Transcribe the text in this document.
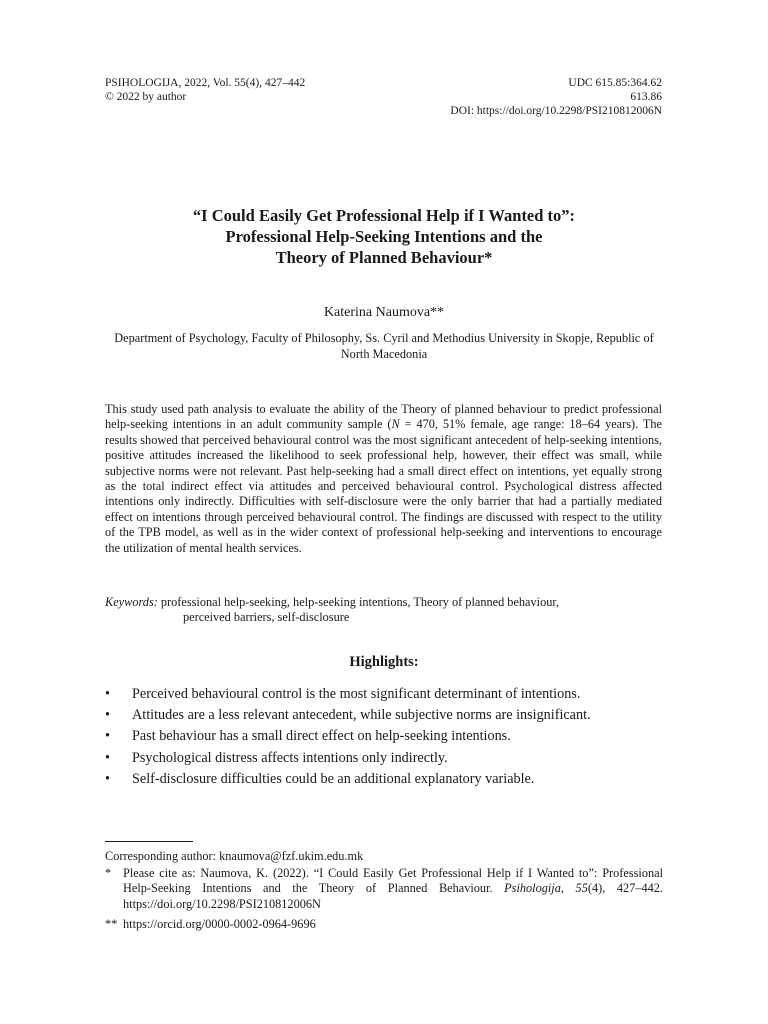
PSIHOLOGIJA, 2022, Vol. 55(4), 427–442
© 2022 by author
UDC 615.85:364.62
613.86
DOI: https://doi.org/10.2298/PSI210812006N
“I Could Easily Get Professional Help if I Wanted to”:
Professional Help-Seeking Intentions and the
Theory of Planned Behaviour*
Katerina Naumova**
Department of Psychology, Faculty of Philosophy, Ss. Cyril and Methodius University in Skopje, Republic of North Macedonia
This study used path analysis to evaluate the ability of the Theory of planned behaviour to predict professional help-seeking intentions in an adult community sample (N = 470, 51% female, age range: 18–64 years). The results showed that perceived behavioural control was the most significant antecedent of help-seeking intentions, positive attitudes increased the likelihood to seek professional help, however, their effect was small, while subjective norms were not relevant. Past help-seeking had a small direct effect on intentions, yet equally strong as the total indirect effect via attitudes and perceived behavioural control. Psychological distress affected intentions only indirectly. Difficulties with self-disclosure were the only barrier that had a partially mediated effect on intentions through perceived behavioural control. The findings are discussed with respect to the utility of the TPB model, as well as in the wider context of professional help-seeking and interventions to encourage the utilization of mental health services.
Keywords: professional help-seeking, help-seeking intentions, Theory of planned behaviour,
perceived barriers, self-disclosure
Highlights:
• Perceived behavioural control is the most significant determinant of intentions.
• Attitudes are a less relevant antecedent, while subjective norms are insignificant.
• Past behaviour has a small direct effect on help-seeking intentions.
• Psychological distress affects intentions only indirectly.
• Self-disclosure difficulties could be an additional explanatory variable.
Corresponding author: knaumova@fzf.ukim.edu.mk
* Please cite as: Naumova, K. (2022). “I Could Easily Get Professional Help if I Wanted to”: Professional Help-Seeking Intentions and the Theory of Planned Behaviour. Psihologija, 55(4), 427–442. https://doi.org/10.2298/PSI210812006N
** https://orcid.org/0000-0002-0964-9696
